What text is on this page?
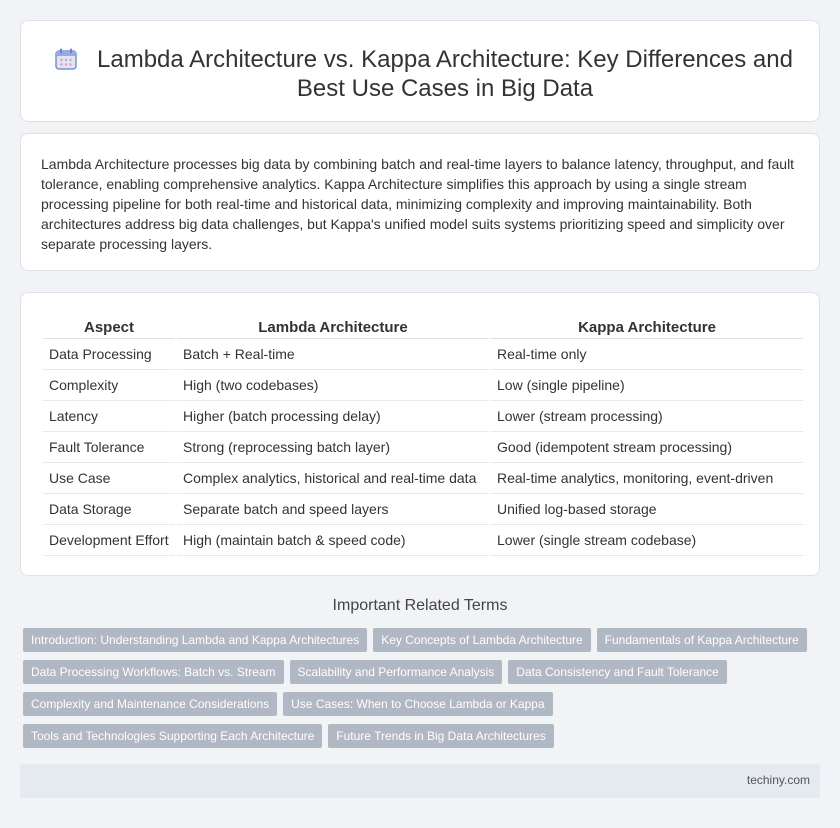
Lambda Architecture vs. Kappa Architecture: Key Differences and Best Use Cases in Big Data

Lambda Architecture processes big data by combining batch and real-time layers to balance latency, throughput, and fault tolerance, enabling comprehensive analytics. Kappa Architecture simplifies this approach by using a single stream processing pipeline for both real-time and historical data, minimizing complexity and improving maintainability. Both architectures address big data challenges, but Kappa's unified model suits systems prioritizing speed and simplicity over separate processing layers.

Aspect	Lambda Architecture	Kappa Architecture
Data Processing	Batch + Real-time	Real-time only
Complexity	High (two codebases)	Low (single pipeline)
Latency	Higher (batch processing delay)	Lower (stream processing)
Fault Tolerance	Strong (reprocessing batch layer)	Good (idempotent stream processing)
Use Case	Complex analytics, historical and real-time data	Real-time analytics, monitoring, event-driven
Data Storage	Separate batch and speed layers	Unified log-based storage
Development Effort	High (maintain batch & speed code)	Lower (single stream codebase)
Important Related Terms
Introduction: Understanding Lambda and Kappa Architectures	Key Concepts of Lambda Architecture	Fundamentals of Kappa Architecture
Data Processing Workflows: Batch vs. Stream	Scalability and Performance Analysis	Data Consistency and Fault Tolerance
Complexity and Maintenance Considerations	Use Cases: When to Choose Lambda or Kappa
Tools and Technologies Supporting Each Architecture	Future Trends in Big Data Architectures
techiny.com
